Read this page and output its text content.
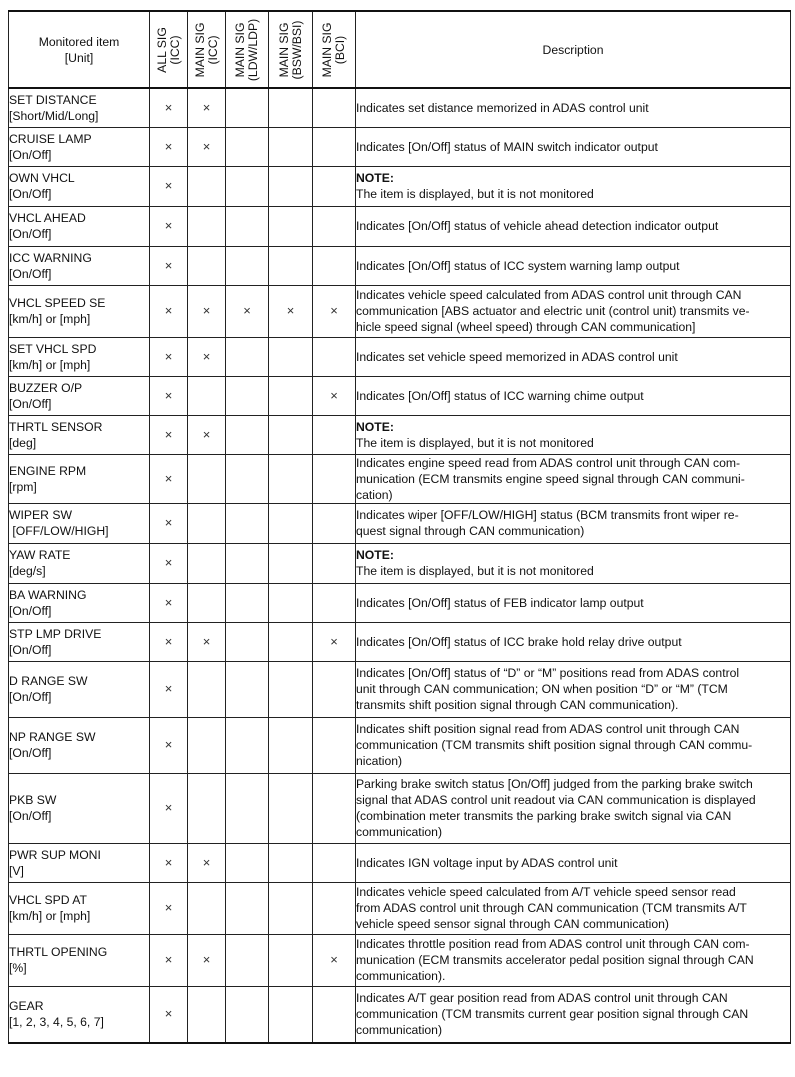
Monitored item
[Unit]	ALL SIG (ICC)	MAIN SIG (ICC)	MAIN SIG (LDW/LDP)	MAIN SIG (BSW/BSI)	MAIN SIG (BCI)	Description

SET DISTANCE
[Short/Mid/Long]	×	×				Indicates set distance memorized in ADAS control unit

CRUISE LAMP
[On/Off]	×	×				Indicates [On/Off] status of MAIN switch indicator output

OWN VHCL
[On/Off]	×					NOTE:
The item is displayed, but it is not monitored

VHCL AHEAD
[On/Off]	×					Indicates [On/Off] status of vehicle ahead detection indicator output

ICC WARNING
[On/Off]	×					Indicates [On/Off] status of ICC system warning lamp output

VHCL SPEED SE
[km/h] or [mph]	×	×	×	×	×	Indicates vehicle speed calculated from ADAS control unit through CAN
communication [ABS actuator and electric unit (control unit) transmits ve-
hicle speed signal (wheel speed) through CAN communication]

SET VHCL SPD
[km/h] or [mph]	×	×				Indicates set vehicle speed memorized in ADAS control unit

BUZZER O/P
[On/Off]	×				×	Indicates [On/Off] status of ICC warning chime output

THRTL SENSOR
[deg]	×	×				NOTE:
The item is displayed, but it is not monitored

ENGINE RPM
[rpm]	×					Indicates engine speed read from ADAS control unit through CAN com-
munication (ECM transmits engine speed signal through CAN communi-
cation)

WIPER SW
[OFF/LOW/HIGH]	×					Indicates wiper [OFF/LOW/HIGH] status (BCM transmits front wiper re-
quest signal through CAN communication)

YAW RATE
[deg/s]	×					NOTE:
The item is displayed, but it is not monitored

BA WARNING
[On/Off]	×					Indicates [On/Off] status of FEB indicator lamp output

STP LMP DRIVE
[On/Off]	×	×			×	Indicates [On/Off] status of ICC brake hold relay drive output

D RANGE SW
[On/Off]	×					Indicates [On/Off] status of “D” or “M” positions read from ADAS control
unit through CAN communication; ON when position “D” or “M” (TCM
transmits shift position signal through CAN communication).

NP RANGE SW
[On/Off]	×					Indicates shift position signal read from ADAS control unit through CAN
communication (TCM transmits shift position signal through CAN commu-
nication)

PKB SW
[On/Off]	×					Parking brake switch status [On/Off] judged from the parking brake switch
signal that ADAS control unit readout via CAN communication is displayed
(combination meter transmits the parking brake switch signal via CAN
communication)

PWR SUP MONI
[V]	×	×				Indicates IGN voltage input by ADAS control unit

VHCL SPD AT
[km/h] or [mph]	×					Indicates vehicle speed calculated from A/T vehicle speed sensor read
from ADAS control unit through CAN communication (TCM transmits A/T
vehicle speed sensor signal through CAN communication)

THRTL OPENING
[%]	×	×			×	Indicates throttle position read from ADAS control unit through CAN com-
munication (ECM transmits accelerator pedal position signal through CAN
communication).

GEAR
[1, 2, 3, 4, 5, 6, 7]	×					Indicates A/T gear position read from ADAS control unit through CAN
communication (TCM transmits current gear position signal through CAN
communication)
